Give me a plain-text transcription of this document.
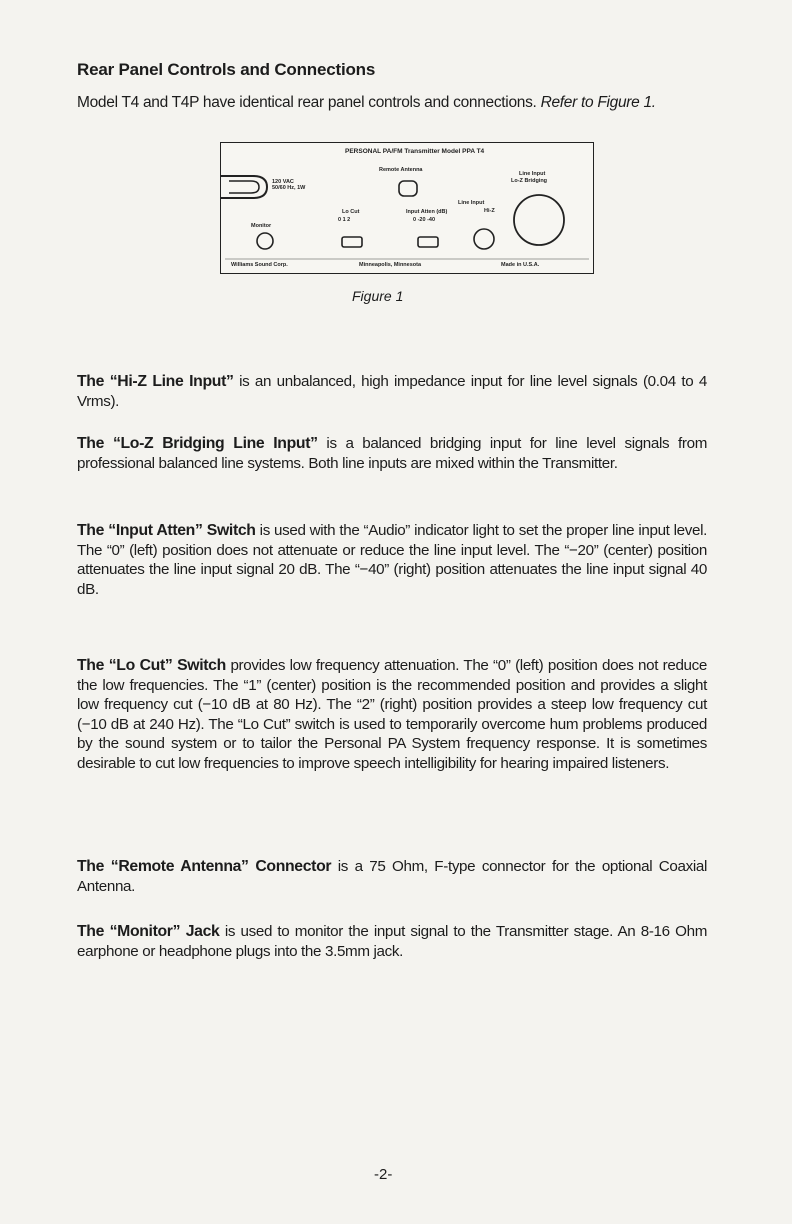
Rear Panel Controls and Connections
Model T4 and T4P have identical rear panel controls and connections. Refer to Figure 1.
PERSONAL PA/FM Transmitter Model PPA T4
Remote Antenna
120 VAC 50/60 Hz, 1W
Line Input
Lo-Z Bridging
Line Input
Hi-Z
Lo Cut
0 1 2
Input Atten (dB)
0 -20 -40
Monitor
Williams Sound Corp.	Minneapolis, Minnesota	Made in U.S.A.
Figure 1
The “Hi-Z Line Input” is an unbalanced, high impedance input for line level signals (0.04 to 4 Vrms).
The “Lo-Z Bridging Line Input” is a balanced bridging input for line level signals from professional balanced line systems. Both line inputs are mixed within the Transmitter.
The “Input Atten” Switch is used with the “Audio” indicator light to set the proper line input level. The “0” (left) position does not attenuate or reduce the line input level. The “−20” (center) position attenuates the line input signal 20 dB. The “−40” (right) position attenuates the line input signal 40 dB.
The “Lo Cut” Switch provides low frequency attenuation. The “0” (left) position does not reduce the low frequencies. The “1” (center) position is the recommended position and provides a slight low frequency cut (−10 dB at 80 Hz). The “2” (right) position provides a steep low frequency cut (−10 dB at 240 Hz). The “Lo Cut” switch is used to temporarily overcome hum problems produced by the sound system or to tailor the Personal PA System frequency response. It is sometimes desirable to cut low frequencies to improve speech intelligibility for hearing impaired listeners.
The “Remote Antenna” Connector is a 75 Ohm, F-type connector for the optional Coaxial Antenna.
The “Monitor” Jack is used to monitor the input signal to the Transmitter stage. An 8-16 Ohm earphone or headphone plugs into the 3.5mm jack.
-2-
